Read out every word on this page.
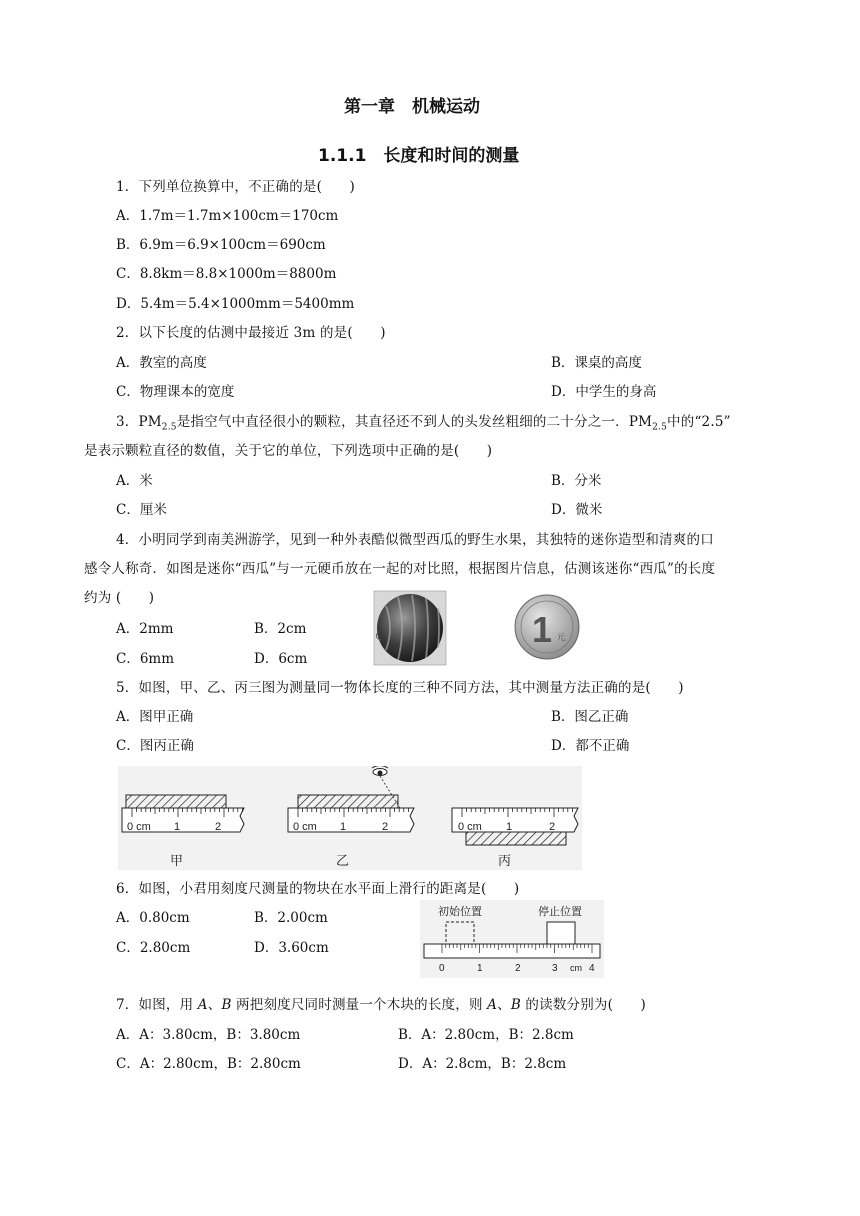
第一章　机械运动
1.1.1　长度和时间的测量
1．下列单位换算中，不正确的是(　　)
A．1.7m＝1.7m×100cm＝170cm
B．6.9m＝6.9×100cm＝690cm
C．8.8km＝8.8×1000m＝8800m
D．5.4m＝5.4×1000mm＝5400mm
2．以下长度的估测中最接近 3m 的是(　　)
A．教室的高度	B．课桌的高度
C．物理课本的宽度	D．中学生的身高
3．$PM_{2.5}$是指空气中直径很小的颗粒，其直径还不到人的头发丝粗细的二十分之一．$PM_{2.5}$中的“2.5”
是表示颗粒直径的数值，关于它的单位，下列选项中正确的是(　　)
A．米	B．分米
C．厘米	D．微米
4．小明同学到南美洲游学，见到一种外表酷似微型西瓜的野生水果，其独特的迷你造型和清爽的口
感令人称奇．如图是迷你“西瓜”与一元硬币放在一起的对比照，根据图片信息，估测该迷你“西瓜”的长度
约为 (　　)
A．2mm	B．2cm
C．6mm	D．6cm
1 元
5．如图，甲、乙、丙三图为测量同一物体长度的三种不同方法，其中测量方法正确的是(　　)
A．图甲正确	B．图乙正确
C．图丙正确	D．都不正确
0 cm 1	2
甲
0 cm 1	2
乙
0 cm 1	2
丙
6．如图，小君用刻度尺测量的物块在水平面上滑行的距离是(　　)
A．0.80cm	B．2.00cm
C．2.80cm	D．3.60cm
初始位置	停止位置
0	1	2	3 cm 4
7．如图，用 A、B 两把刻度尺同时测量一个木块的长度，则 A、B 的读数分别为(　　)
A．A：3.80cm，B：3.80cm	B．A：2.80cm，B：2.8cm
C．A：2.80cm，B：2.80cm	D．A：2.8cm，B：2.8cm
